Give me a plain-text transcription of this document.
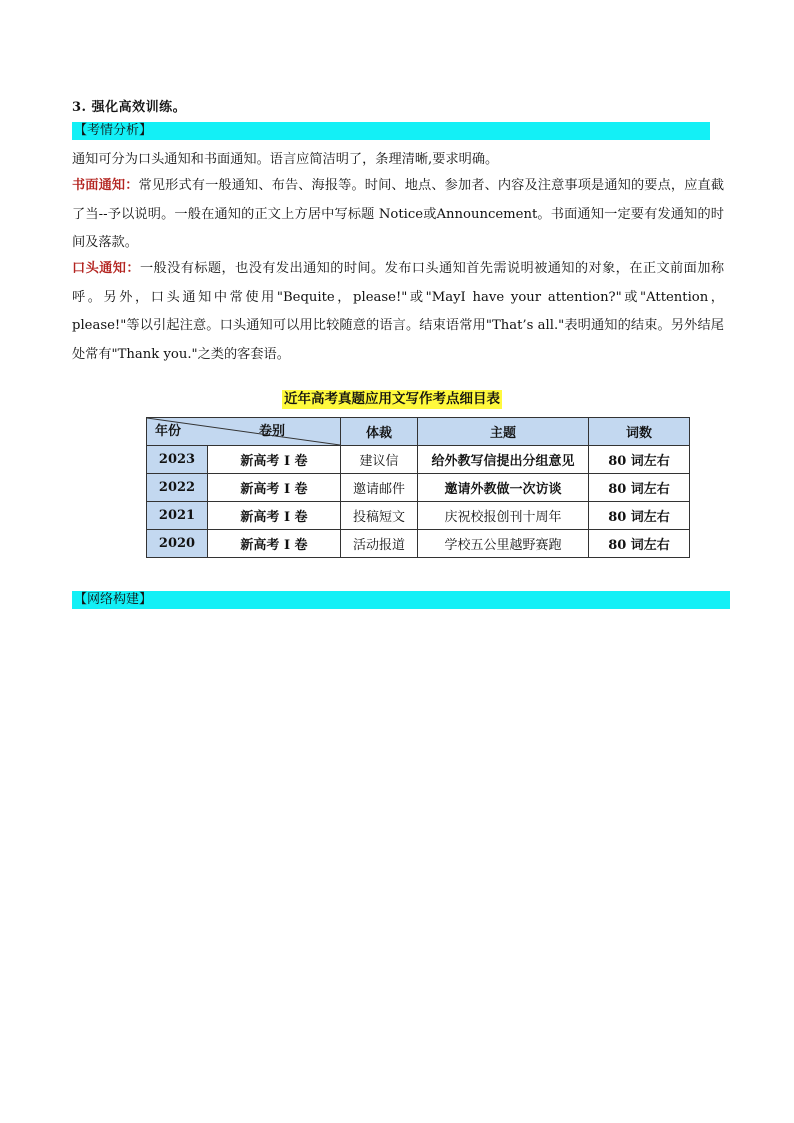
3. 强化高效训练。
【考情分析】

通知可分为口头通知和书面通知。语言应简洁明了，条理清晰,要求明确。

书面通知：常见形式有一般通知、布告、海报等。时间、地点、参加者、内容及注意事项是通知的要点，应直截了当--予以说明。一般在通知的正文上方居中写标题 Notice或Announcement。书面通知一定要有发通知的时间及落款。

口头通知：一般没有标题，也没有发出通知的时间。发布口头通知首先需说明被通知的对象，在正文前面加称呼。另外，口头通知中常使用"Bequite，please!"或"MayI have your attention?"或"Attention，please!"等以引起注意。口头通知可以用比较随意的语言。结束语常用"That’s all."表明通知的结束。另外结尾处常有"Thank you."之类的客套语。

近年高考真题应用文写作考点细目表
年份 卷别		体裁	主题	词数
2023	新高考 I 卷	建议信	给外教写信提出分组意见	80 词左右
2022	新高考 I 卷	邀请邮件	邀请外教做一次访谈	80 词左右
2021	新高考 I 卷	投稿短文	庆祝校报创刊十周年	80 词左右
2020	新高考 I 卷	活动报道	学校五公里越野赛跑	80 词左右
【网络构建】
